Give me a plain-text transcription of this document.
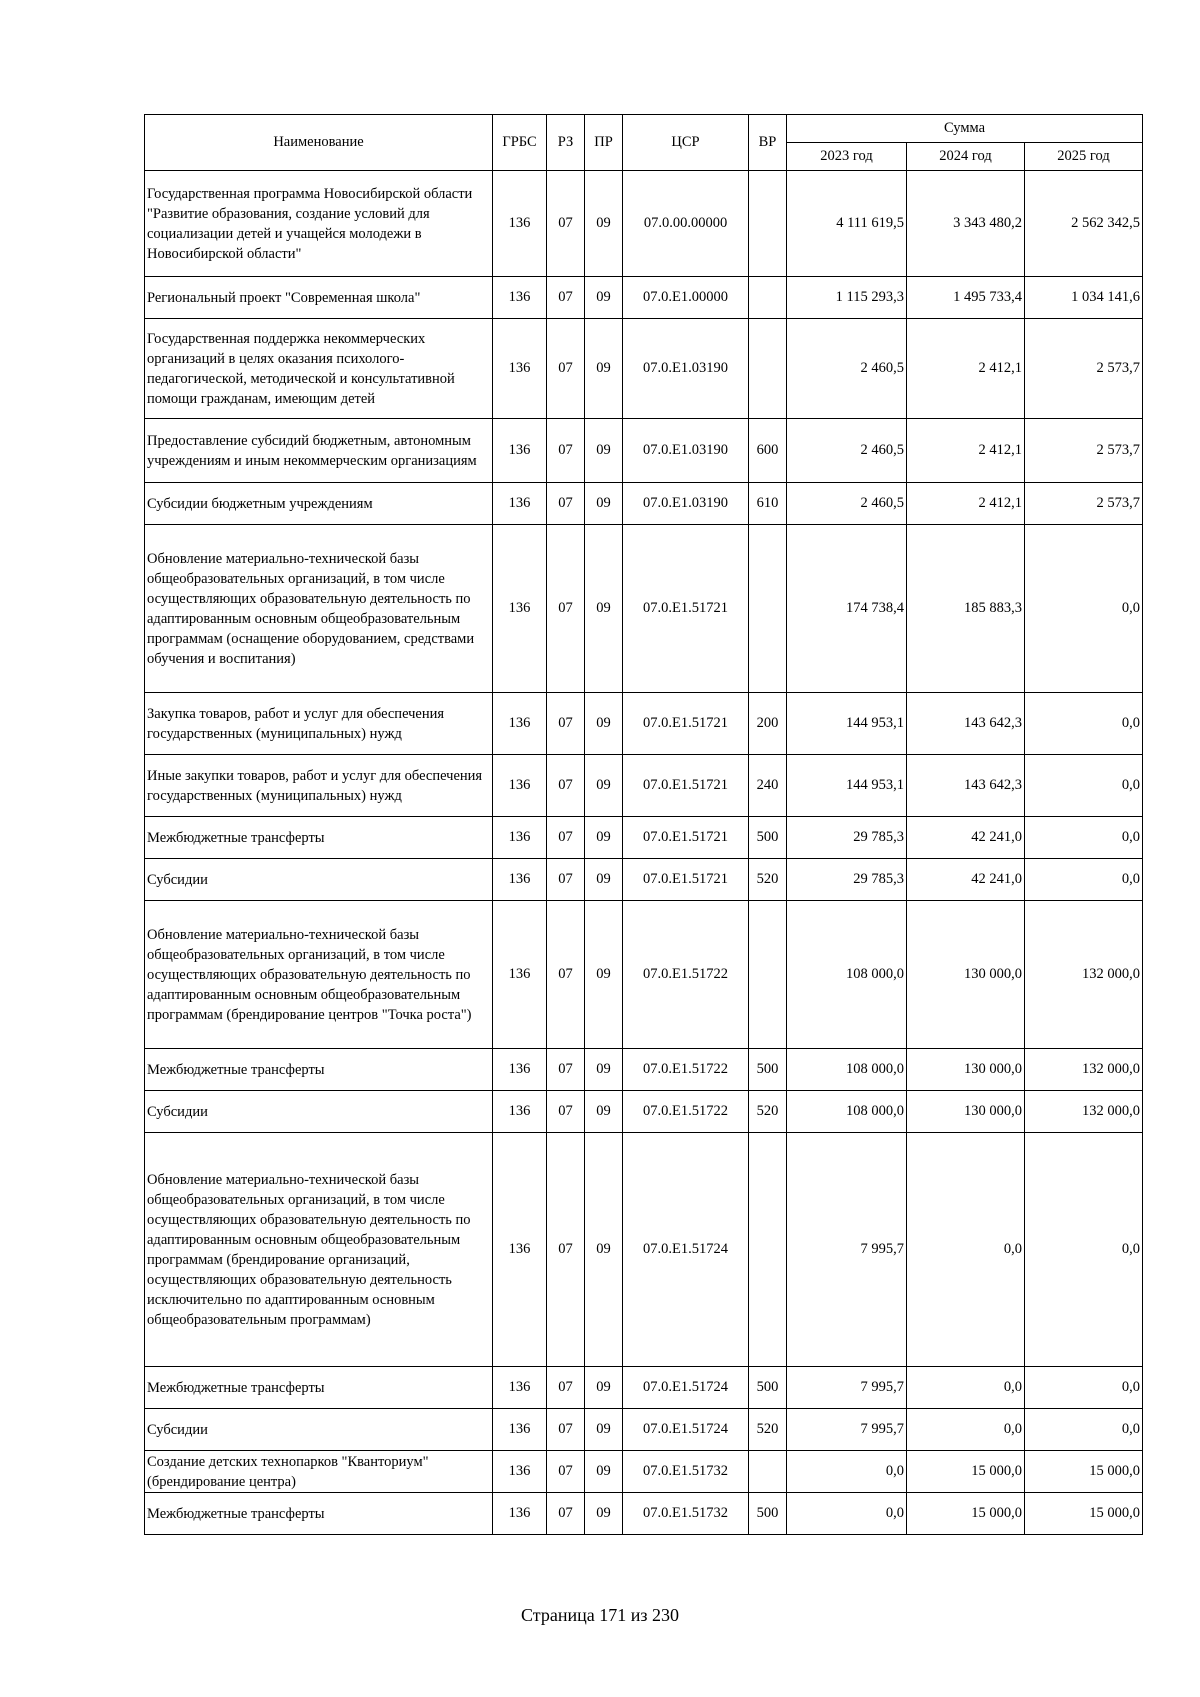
Наименование	ГРБС	РЗ	ПР	ЦСР	ВР	Сумма		
						2023 год	2024 год	2025 год
Государственная программа Новосибирской области "Развитие образования, создание условий для социализации детей и учащейся молодежи в Новосибирской области"	136	07	09	07.0.00.00000		4 111 619,5	3 343 480,2	2 562 342,5
Региональный проект "Современная школа"	136	07	09	07.0.E1.00000		1 115 293,3	1 495 733,4	1 034 141,6
Государственная поддержка некоммерческих организаций в целях оказания психолого-педагогической, методической и консультативной помощи гражданам, имеющим детей	136	07	09	07.0.E1.03190		2 460,5	2 412,1	2 573,7
Предоставление субсидий бюджетным, автономным учреждениям и иным некоммерческим организациям	136	07	09	07.0.E1.03190	600	2 460,5	2 412,1	2 573,7
Субсидии бюджетным учреждениям	136	07	09	07.0.E1.03190	610	2 460,5	2 412,1	2 573,7
Обновление материально-технической базы общеобразовательных организаций, в том числе осуществляющих образовательную деятельность по адаптированным основным общеобразовательным программам (оснащение оборудованием, средствами обучения и воспитания)	136	07	09	07.0.E1.51721		174 738,4	185 883,3	0,0
Закупка товаров, работ и услуг для обеспечения государственных (муниципальных) нужд	136	07	09	07.0.E1.51721	200	144 953,1	143 642,3	0,0
Иные закупки товаров, работ и услуг для обеспечения государственных (муниципальных) нужд	136	07	09	07.0.E1.51721	240	144 953,1	143 642,3	0,0
Межбюджетные трансферты	136	07	09	07.0.E1.51721	500	29 785,3	42 241,0	0,0
Субсидии	136	07	09	07.0.E1.51721	520	29 785,3	42 241,0	0,0
Обновление материально-технической базы общеобразовательных организаций, в том числе осуществляющих образовательную деятельность по адаптированным основным общеобразовательным программам (брендирование центров "Точка роста")	136	07	09	07.0.E1.51722		108 000,0	130 000,0	132 000,0
Межбюджетные трансферты	136	07	09	07.0.E1.51722	500	108 000,0	130 000,0	132 000,0
Субсидии	136	07	09	07.0.E1.51722	520	108 000,0	130 000,0	132 000,0
Обновление материально-технической базы общеобразовательных организаций, в том числе осуществляющих образовательную деятельность по адаптированным основным общеобразовательным программам (брендирование организаций, осуществляющих образовательную деятельность исключительно по адаптированным основным общеобразовательным программам)	136	07	09	07.0.E1.51724		7 995,7	0,0	0,0
Межбюджетные трансферты	136	07	09	07.0.E1.51724	500	7 995,7	0,0	0,0
Субсидии	136	07	09	07.0.E1.51724	520	7 995,7	0,0	0,0
Создание детских технопарков "Кванториум" (брендирование центра)	136	07	09	07.0.E1.51732		0,0	15 000,0	15 000,0
Межбюджетные трансферты	136	07	09	07.0.E1.51732	500	0,0	15 000,0	15 000,0
Страница 171 из 230
